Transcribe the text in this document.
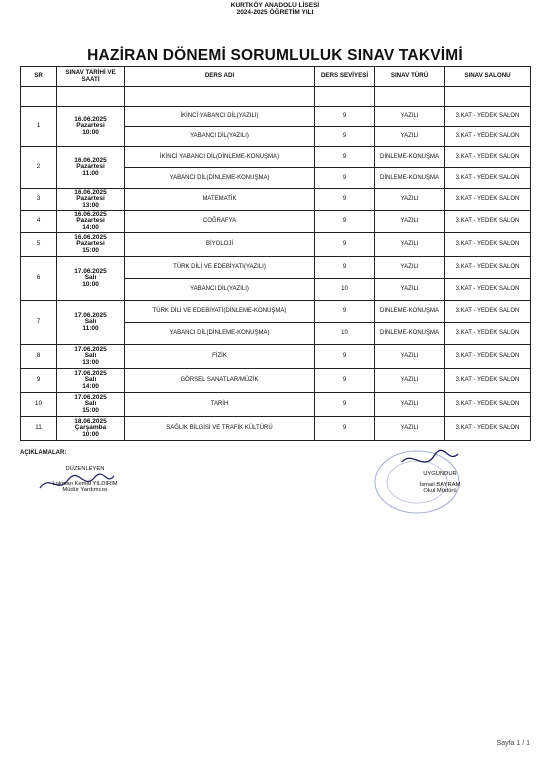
KURTKÖY ANADOLU LİSESİ
2024-2025 ÖĞRETİM YILI
HAZİRAN DÖNEMİ SORUMLULUK SINAV TAKVİMİ
SR	SINAV TARİHİ VE SAATİ	DERS ADI	DERS SEVİYESİ	SINAV TÜRÜ	SINAV SALONU

1	16.06.2025
Pazartesi
10:00	İKİNCİ YABANCI DİL(YAZILI)	9	YAZILI	3.KAT - YEDEK SALON
		YABANCI DİL(YAZILI)	9	YAZILI	3.KAT - YEDEK SALON
2	16.06.2025
Pazartesi
11:00	İKİNCİ YABANCI DİL(DİNLEME-KONUŞMA)	9	DİNLEME-KONUŞMA	3.KAT - YEDEK SALON
		YABANCI DİL(DİNLEME-KONUŞMA)	9	DİNLEME-KONUŞMA	3.KAT - YEDEK SALON
3	16.06.2025
Pazartesi
13:00	MATEMATİK	9	YAZILI	3.KAT - YEDEK SALON
4	16.06.2025
Pazartesi
14:00	COĞRAFYA	9	YAZILI	3.KAT - YEDEK SALON
5	16.06.2025
Pazartesi
15:00	BİYOLOJİ	9	YAZILI	3.KAT - YEDEK SALON
6	17.06.2025
Salı
10:00	TÜRK DİLİ VE EDEBİYATI(YAZILI)	9	YAZILI	3.KAT - YEDEK SALON
		YABANCI DİL(YAZILI)	10	YAZILI	3.KAT - YEDEK SALON
7	17.06.2025
Salı
11:00	TÜRK DİLİ VE EDEBİYATI(DİNLEME-KONUŞMA)	9	DİNLEME-KONUŞMA	3.KAT - YEDEK SALON
		YABANCI DİL(DİNLEME-KONUŞMA)	10	DİNLEME-KONUŞMA	3.KAT - YEDEK SALON
8	17.06.2025
Salı
13:00	FİZİK	9	YAZILI	3.KAT - YEDEK SALON
9	17.06.2025
Salı
14:00	GÖRSEL SANATLAR/MÜZİK	9	YAZILI	3.KAT - YEDEK SALON
10	17.06.2025
Salı
15:00	TARİH	9	YAZILI	3.KAT - YEDEK SALON
11	18.06.2025
Çarşamba
10:00	SAĞLIK BİLGİSİ VE TRAFİK KÜLTÜRÜ	9	YAZILI	3.KAT - YEDEK SALON
AÇIKLAMALAR:
DÜZENLEYEN
Lokman Kemal YILDIRIM
Müdür Yardımcısı
UYGUNDUR
İsmail BAYRAM
Okul Müdürü
Sayfa 1 / 1
